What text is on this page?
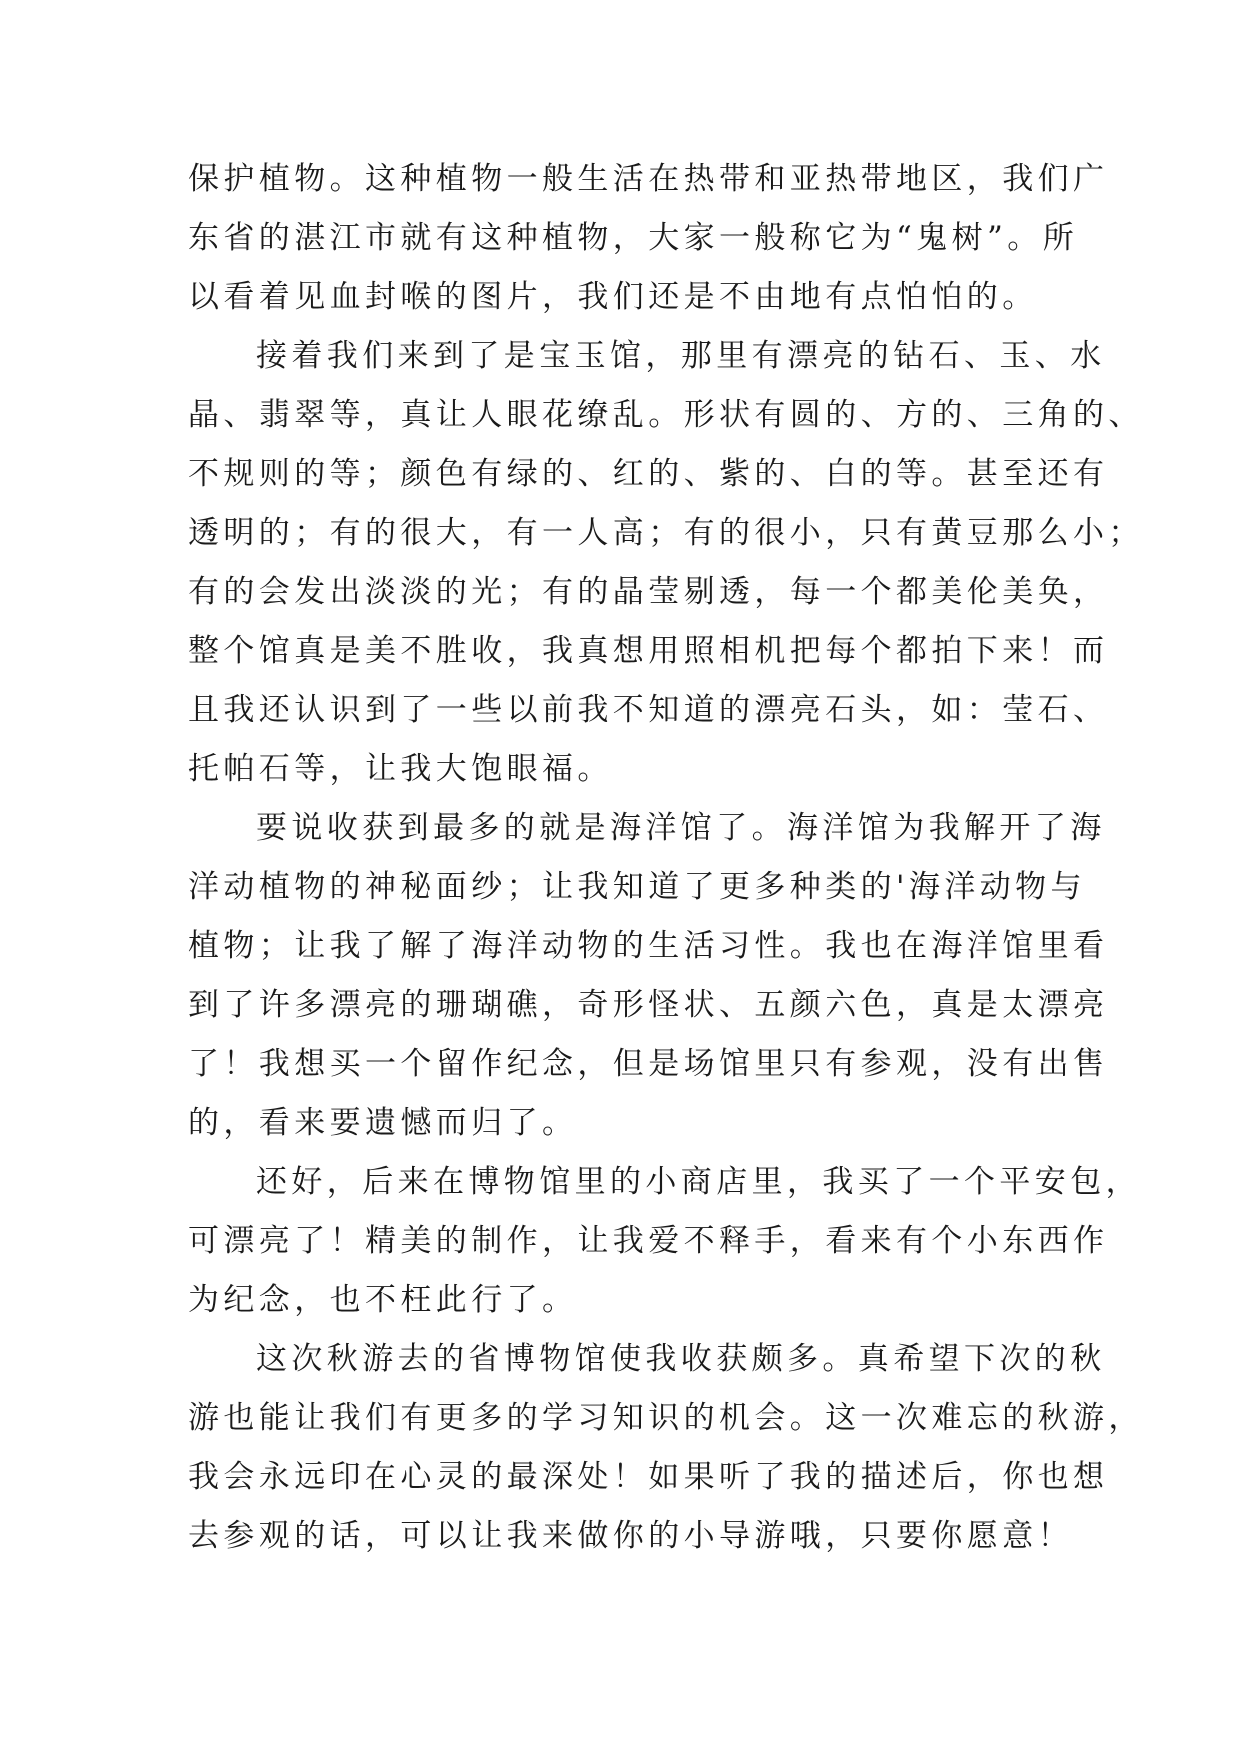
保护植物。这种植物一般生活在热带和亚热带地区，我们广
东省的湛江市就有这种植物，大家一般称它为“鬼树”。所
以看着见血封喉的图片，我们还是不由地有点怕怕的。
接着我们来到了是宝玉馆，那里有漂亮的钻石、玉、水
晶、翡翠等，真让人眼花缭乱。形状有圆的、方的、三角的、
不规则的等；颜色有绿的、红的、紫的、白的等。甚至还有
透明的；有的很大，有一人高；有的很小，只有黄豆那么小；
有的会发出淡淡的光；有的晶莹剔透，每一个都美伦美奂，
整个馆真是美不胜收，我真想用照相机把每个都拍下来！而
且我还认识到了一些以前我不知道的漂亮石头，如：莹石、
托帕石等，让我大饱眼福。
要说收获到最多的就是海洋馆了。海洋馆为我解开了海
洋动植物的神秘面纱；让我知道了更多种类的'海洋动物与
植物；让我了解了海洋动物的生活习性。我也在海洋馆里看
到了许多漂亮的珊瑚礁，奇形怪状、五颜六色，真是太漂亮
了！我想买一个留作纪念，但是场馆里只有参观，没有出售
的，看来要遗憾而归了。
还好，后来在博物馆里的小商店里，我买了一个平安包，
可漂亮了！精美的制作，让我爱不释手，看来有个小东西作
为纪念，也不枉此行了。
这次秋游去的省博物馆使我收获颇多。真希望下次的秋
游也能让我们有更多的学习知识的机会。这一次难忘的秋游，
我会永远印在心灵的最深处！如果听了我的描述后，你也想
去参观的话，可以让我来做你的小导游哦，只要你愿意！
